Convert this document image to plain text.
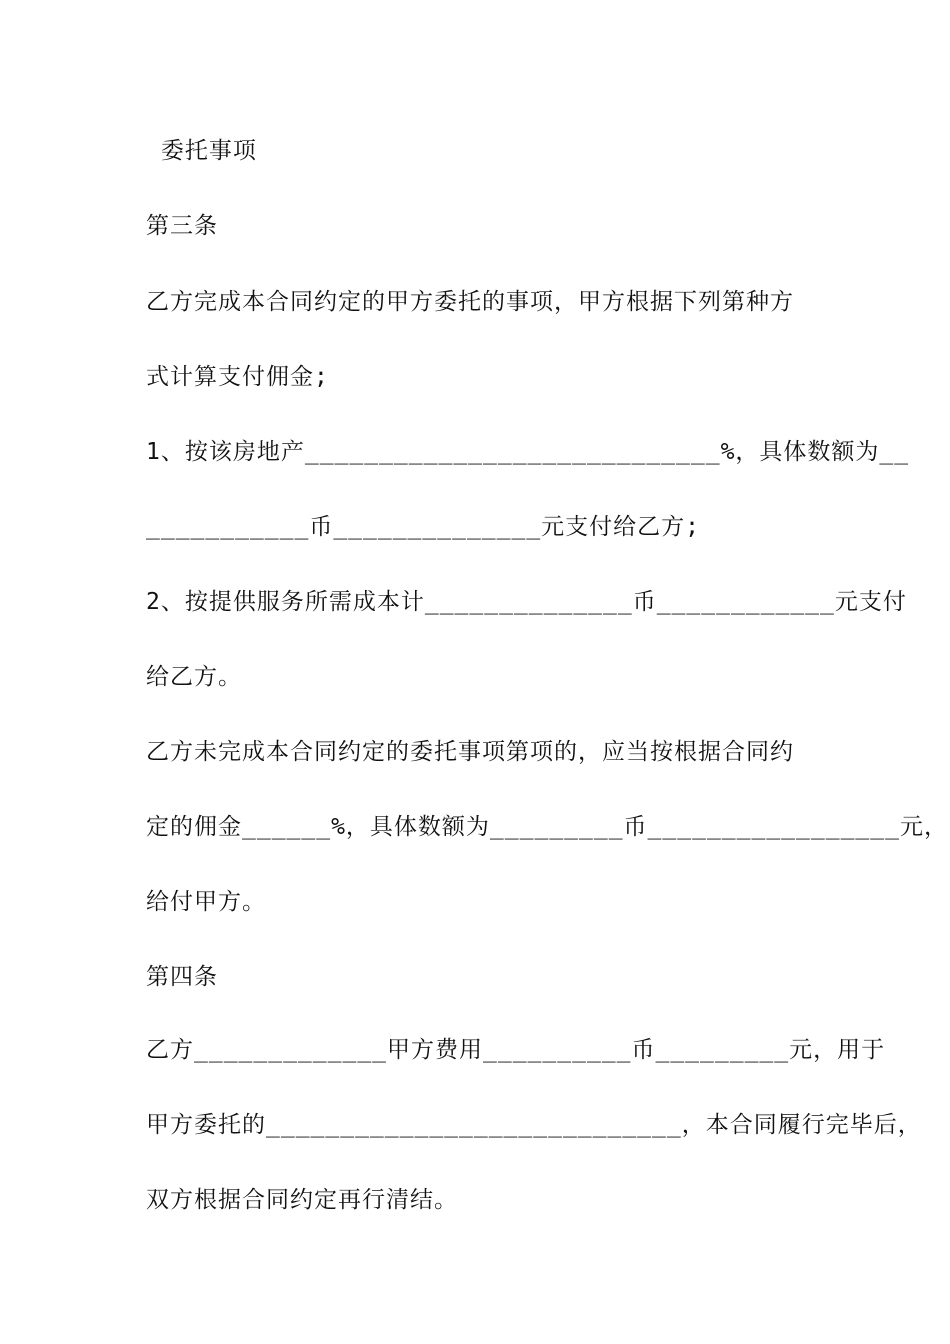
委托事项
第三条
乙方完成本合同约定的甲方委托的事项，甲方根据下列第种方
式计算支付佣金;
1、按该房地产____________________________%，具体数额为__
___________币______________元支付给乙方;
2、按提供服务所需成本计______________币____________元支付
给乙方。
乙方未完成本合同约定的委托事项第项的，应当按根据合同约
定的佣金______%，具体数额为_________币_________________元，
给付甲方。
第四条
乙方_____________甲方费用__________币_________元，用于
甲方委托的____________________________，本合同履行完毕后，
双方根据合同约定再行清结。
